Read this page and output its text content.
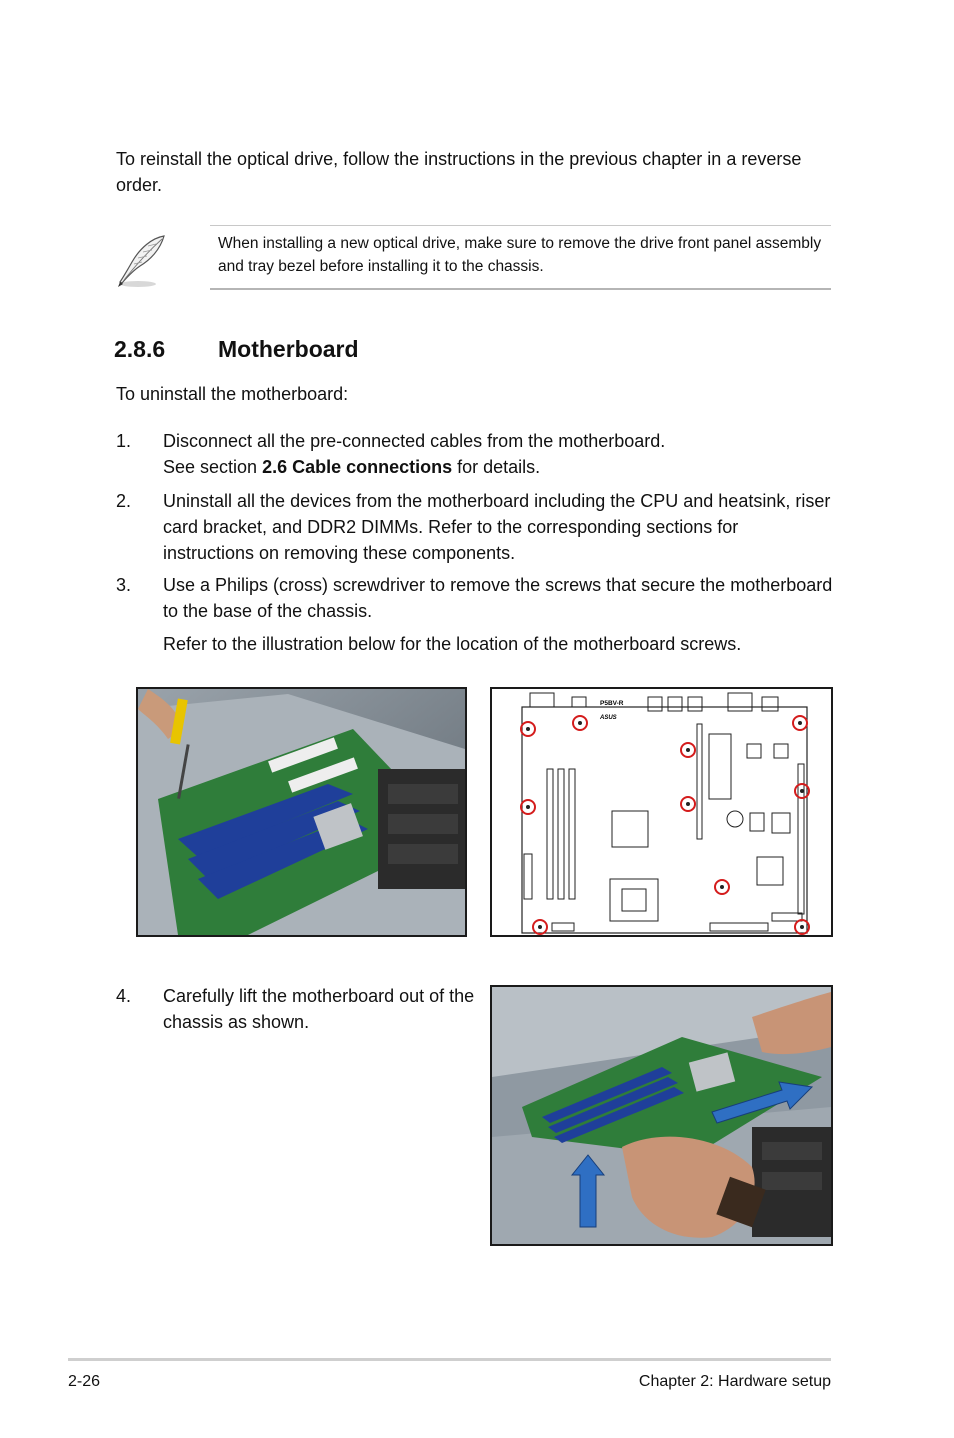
To reinstall the optical drive, follow the instructions in the previous chapter in a reverse order.
When installing a new optical drive, make sure to remove the drive front panel assembly and tray bezel before installing it to the chassis.
2.8.6 Motherboard
To uninstall the motherboard:
1. Disconnect all the pre-connected cables from the motherboard.
See section 2.6 Cable connections for details.
2. Uninstall all the devices from the motherboard including the CPU and heatsink, riser card bracket, and DDR2 DIMMs. Refer to the corresponding sections for instructions on removing these components.
3. Use a Philips (cross) screwdriver to remove the screws that secure the motherboard to the base of the chassis.
Refer to the illustration below for the location of the motherboard screws.
P5BV-R
ASUS
4. Carefully lift the motherboard out of the chassis as shown.
2-26	Chapter 2: Hardware setup
